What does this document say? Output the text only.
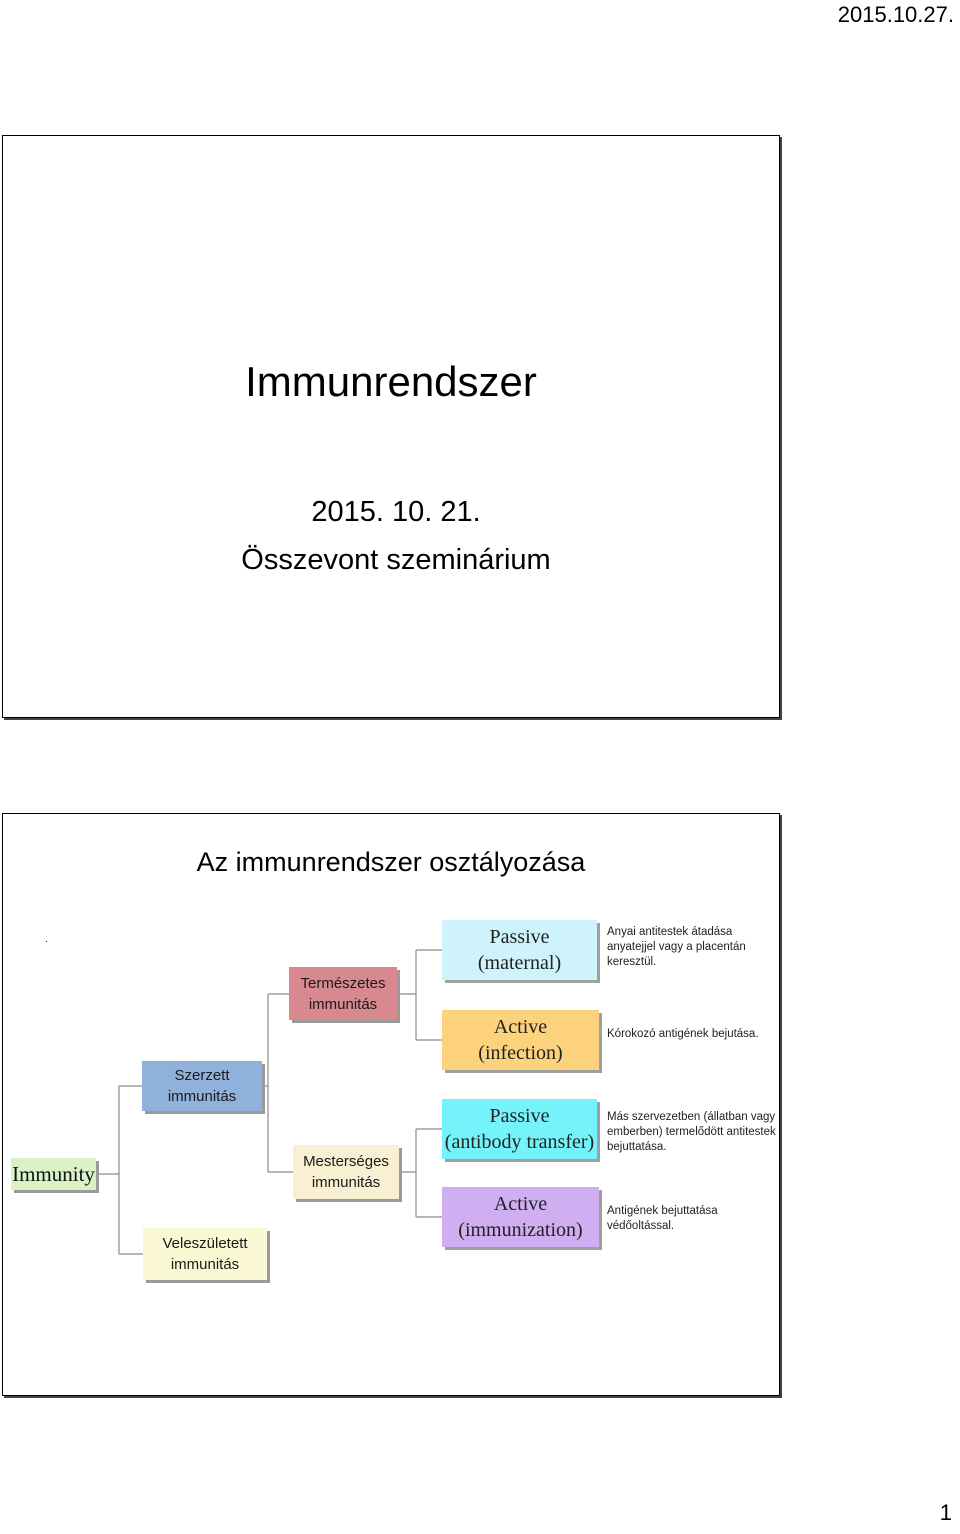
2015.10.27.
Immunrendszer
2015. 10. 21.
Összevont szeminárium
Az immunrendszer osztályozása
.
Immunity
Szerzett immunitás
Veleszületett immunitás
Természetes immunitás
Mesterséges immunitás
Passive
(maternal)
Active
(infection)
Passive
(antibody transfer)
Active
(immunization)
Anyai antitestek átadása anyatejjel vagy a placentán keresztül.
Kórokozó antigének bejutása.
Más szervezetben (állatban vagy emberben) termelődött antitestek bejuttatása.
Antigének bejuttatása védőoltással.
1
